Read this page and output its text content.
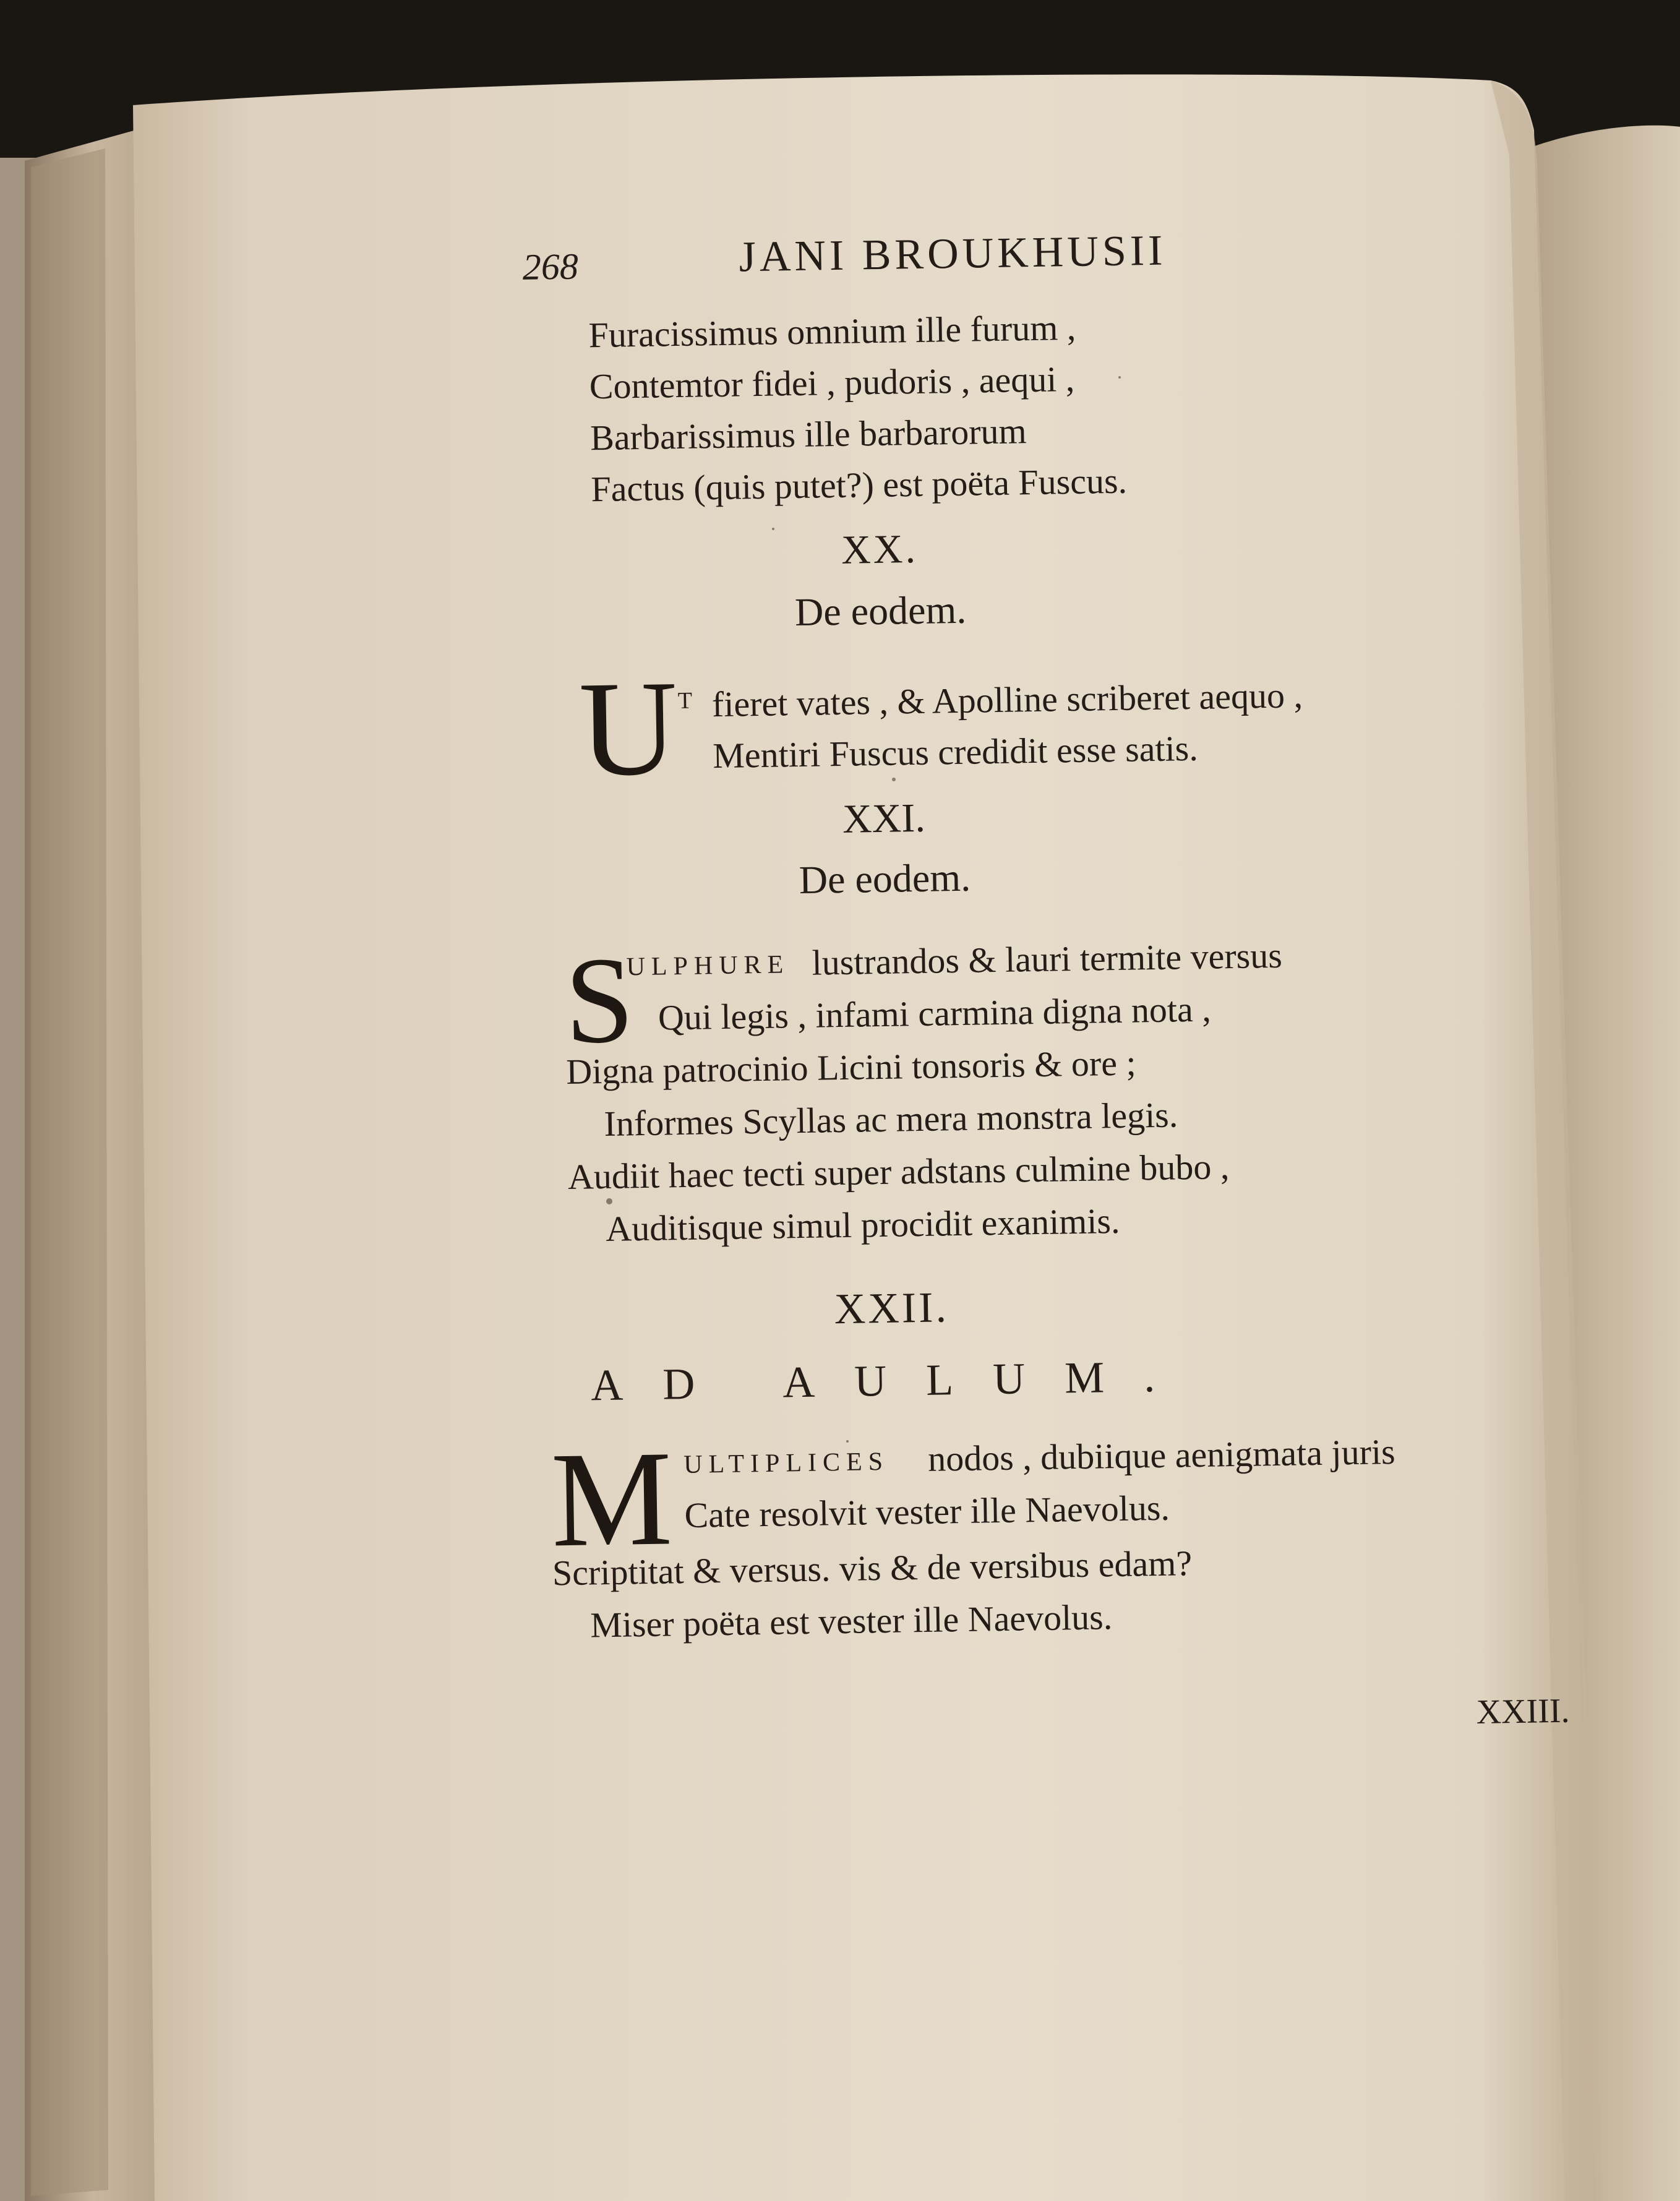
268	JANI BROUKHUSII
Furacissimus omnium ille furum ,
Contemtor fidei , pudoris , aequi ,
Barbarissimus ille barbarorum
Factus (quis putet?) est poëta Fuscus.
XX.
De eodem.
U
T fieret vates , & Apolline scriberet aequo ,
Mentiri Fuscus credidit esse satis.
XXI.
De eodem.
S
ULPHURE lustrandos & lauri termite versus
Qui legis , infami carmina digna nota ,
Digna patrocinio Licini tonsoris & ore ;
Informes Scyllas ac mera monstra legis.
Audiit haec tecti super adstans culmine bubo ,
Auditisque simul procidit exanimis.
XXII.
AD AULUM.
M ULTIPLICES nodos , dubiique aenigmata juris
Cate resolvit vester ille Naevolus.
Scriptitat & versus. vis & de versibus edam?
Miser poëta est vester ille Naevolus.
XXIII.
